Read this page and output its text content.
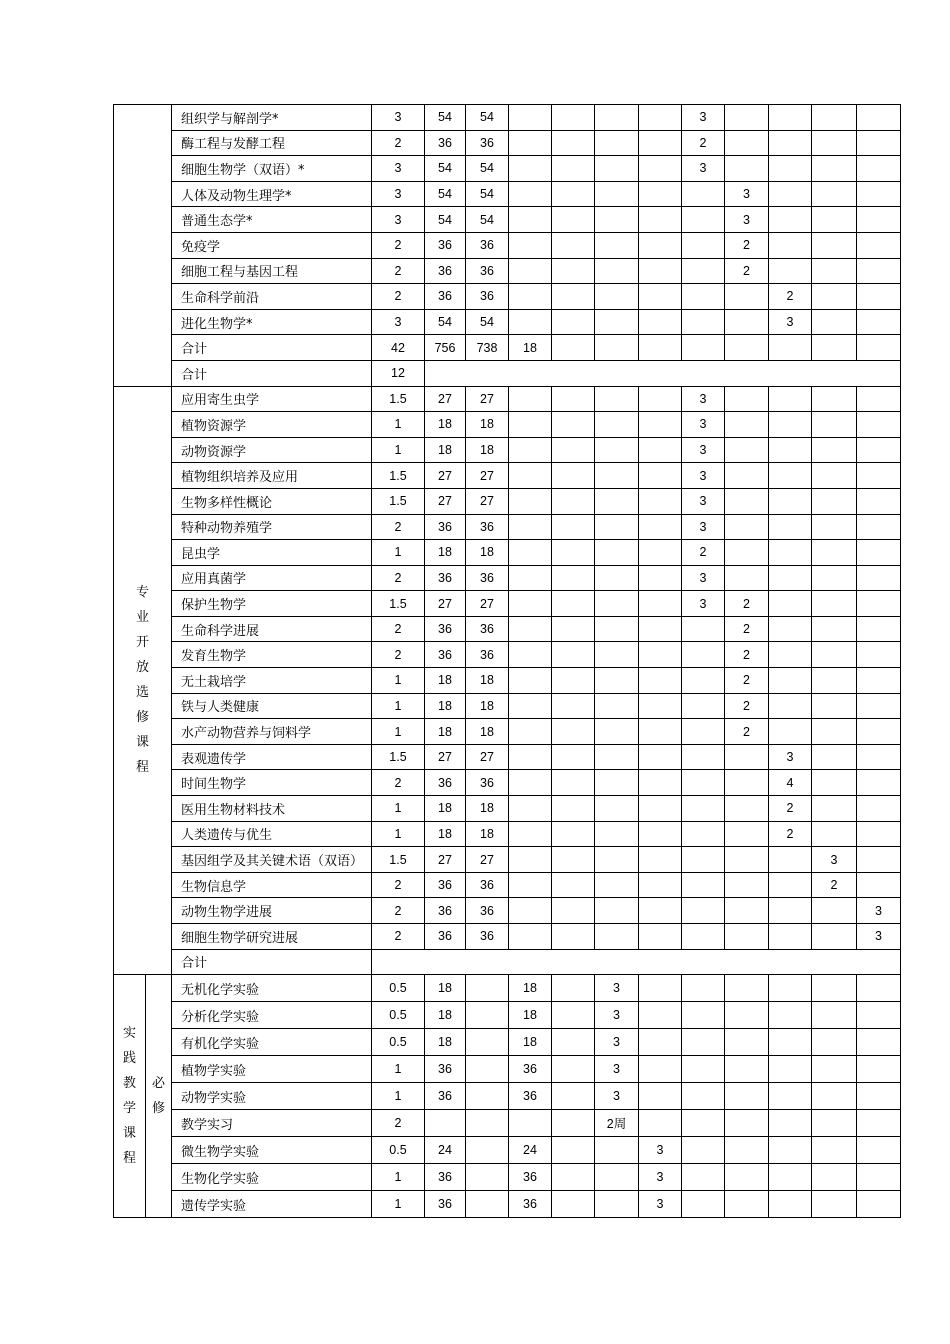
		组织学与解剖学*	3	54	54					3				
		酶工程与发酵工程	2	36	36					2				
		细胞生物学（双语）*	3	54	54					3				
		人体及动物生理学*	3	54	54						3			
		普通生态学*	3	54	54						3			
		免疫学	2	36	36						2			
		细胞工程与基因工程	2	36	36						2			
		生命科学前沿	2	36	36							2		
		进化生物学*	3	54	54							3		
		合计	42	756	738	18								
		合计	12											
专业开放选修课程		应用寄生虫学	1.5	27	27					3				
		植物资源学	1	18	18					3				
		动物资源学	1	18	18					3				
		植物组织培养及应用	1.5	27	27					3				
		生物多样性概论	1.5	27	27					3				
		特种动物养殖学	2	36	36					3				
		昆虫学	1	18	18					2				
		应用真菌学	2	36	36					3				
		保护生物学	1.5	27	27					3	2			
		生命科学进展	2	36	36						2			
		发育生物学	2	36	36						2			
		无土栽培学	1	18	18						2			
		铁与人类健康	1	18	18						2			
		水产动物营养与饲料学	1	18	18						2			
		表观遗传学	1.5	27	27							3		
		时间生物学	2	36	36							4		
		医用生物材料技术	1	18	18							2		
		人类遗传与优生	1	18	18							2		
		基因组学及其关键术语（双语）	1.5	27	27								3	
		生物信息学	2	36	36								2	
		动物生物学进展	2	36	36									3
		细胞生物学研究进展	2	36	36									3
		合计												
实践教学课程	必修	无机化学实验	0.5	18		18		3						
		分析化学实验	0.5	18		18		3						
		有机化学实验	0.5	18		18		3						
		植物学实验	1	36		36		3						
		动物学实验	1	36		36		3						
		教学实习	2					2周						
		微生物学实验	0.5	24		24			3					
		生物化学实验	1	36		36			3					
		遗传学实验	1	36		36			3					
